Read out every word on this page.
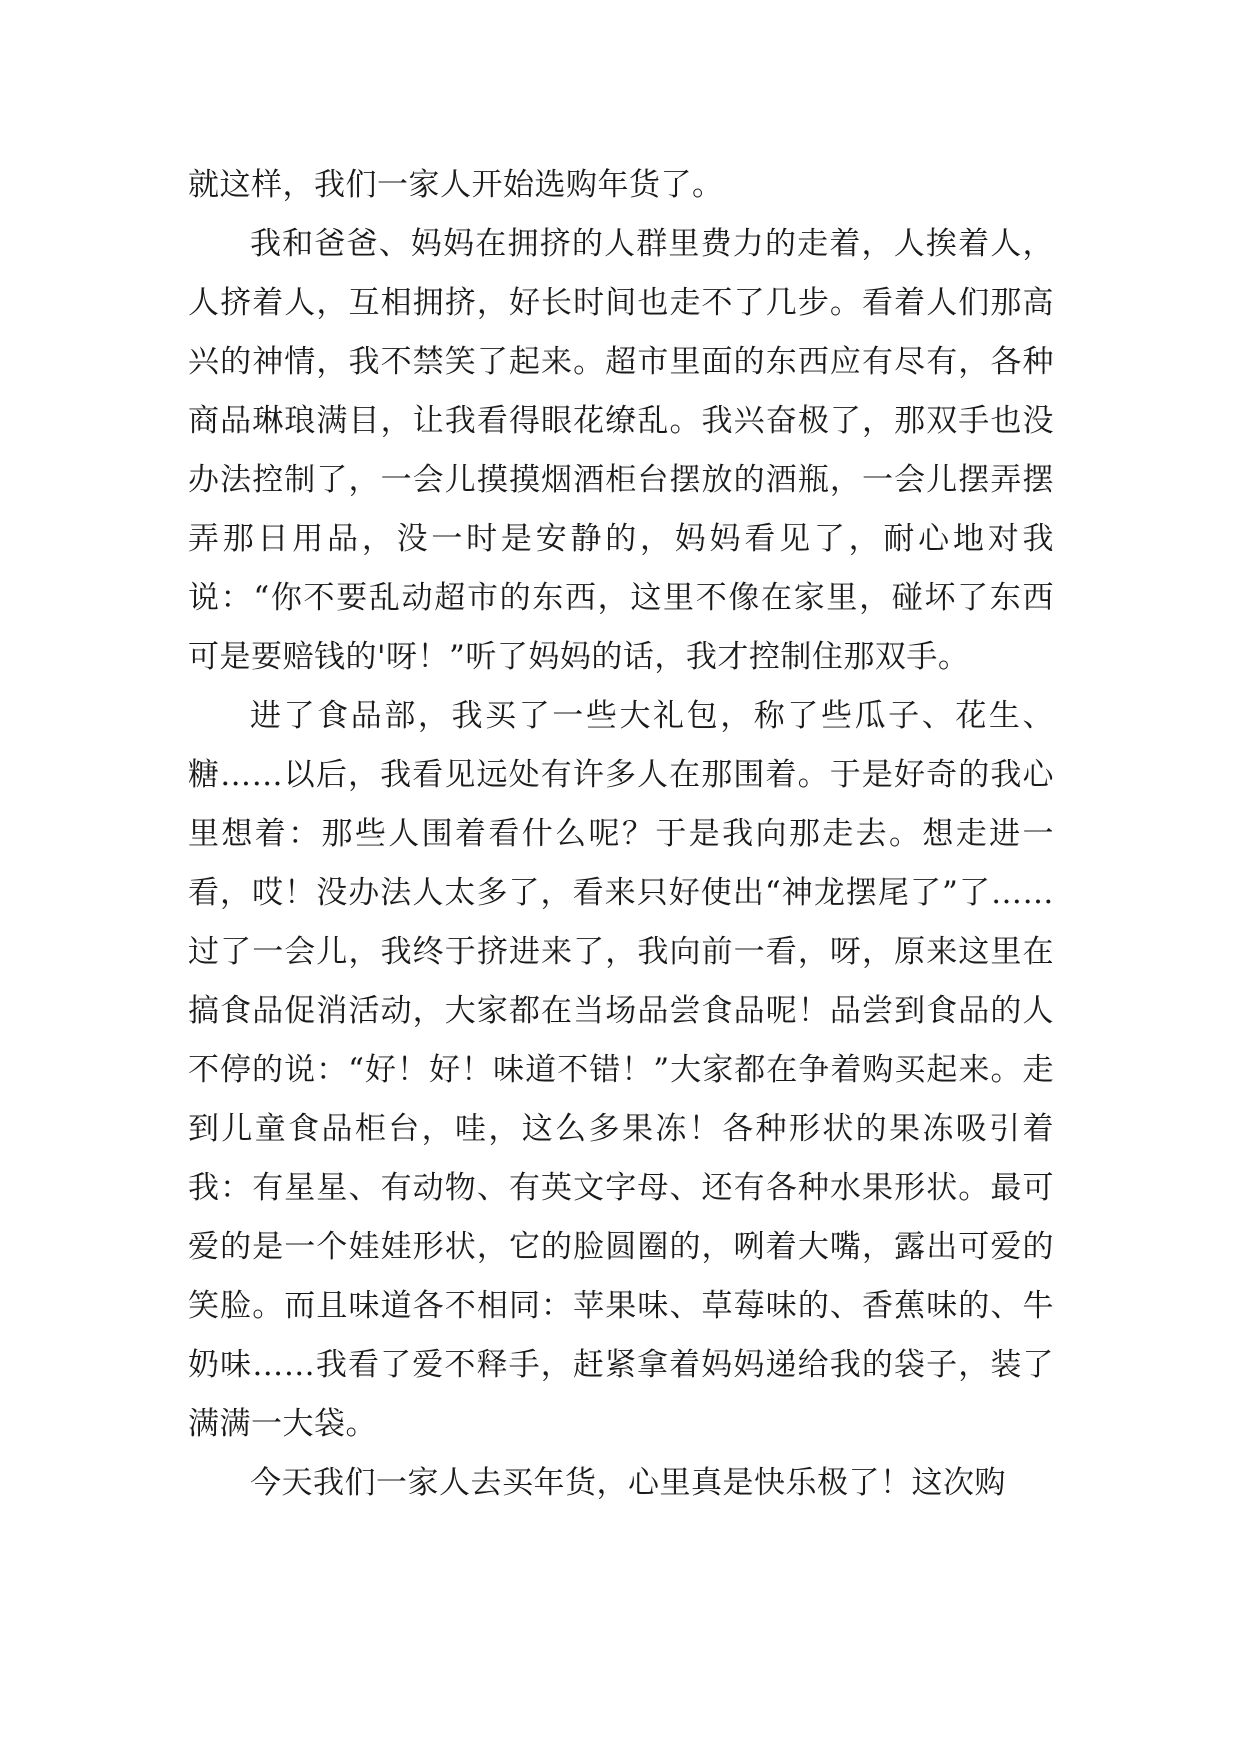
就这样，我们一家人开始选购年货了。

我和爸爸、妈妈在拥挤的人群里费力的走着，人挨着人，人挤着人，互相拥挤，好长时间也走不了几步。看着人们那高兴的神情，我不禁笑了起来。超市里面的东西应有尽有，各种商品琳琅满目，让我看得眼花缭乱。我兴奋极了，那双手也没办法控制了，一会儿摸摸烟酒柜台摆放的酒瓶，一会儿摆弄摆弄那日用品，没一时是安静的，妈妈看见了，耐心地对我说：“你不要乱动超市的东西，这里不像在家里，碰坏了东西可是要赔钱的'呀！”听了妈妈的话，我才控制住那双手。

进了食品部，我买了一些大礼包，称了些瓜子、花生、糖……以后，我看见远处有许多人在那围着。于是好奇的我心里想着：那些人围着看什么呢？于是我向那走去。想走进一看，哎！没办法人太多了，看来只好使出“神龙摆尾了”了……过了一会儿，我终于挤进来了，我向前一看，呀，原来这里在搞食品促消活动，大家都在当场品尝食品呢！品尝到食品的人不停的说：“好！好！味道不错！”大家都在争着购买起来。走到儿童食品柜台，哇，这么多果冻！各种形状的果冻吸引着我：有星星、有动物、有英文字母、还有各种水果形状。最可爱的是一个娃娃形状，它的脸圆圈的，咧着大嘴，露出可爱的笑脸。而且味道各不相同：苹果味、草莓味的、香蕉味的、牛奶味……我看了爱不释手，赶紧拿着妈妈递给我的袋子，装了满满一大袋。

今天我们一家人去买年货，心里真是快乐极了！这次购
